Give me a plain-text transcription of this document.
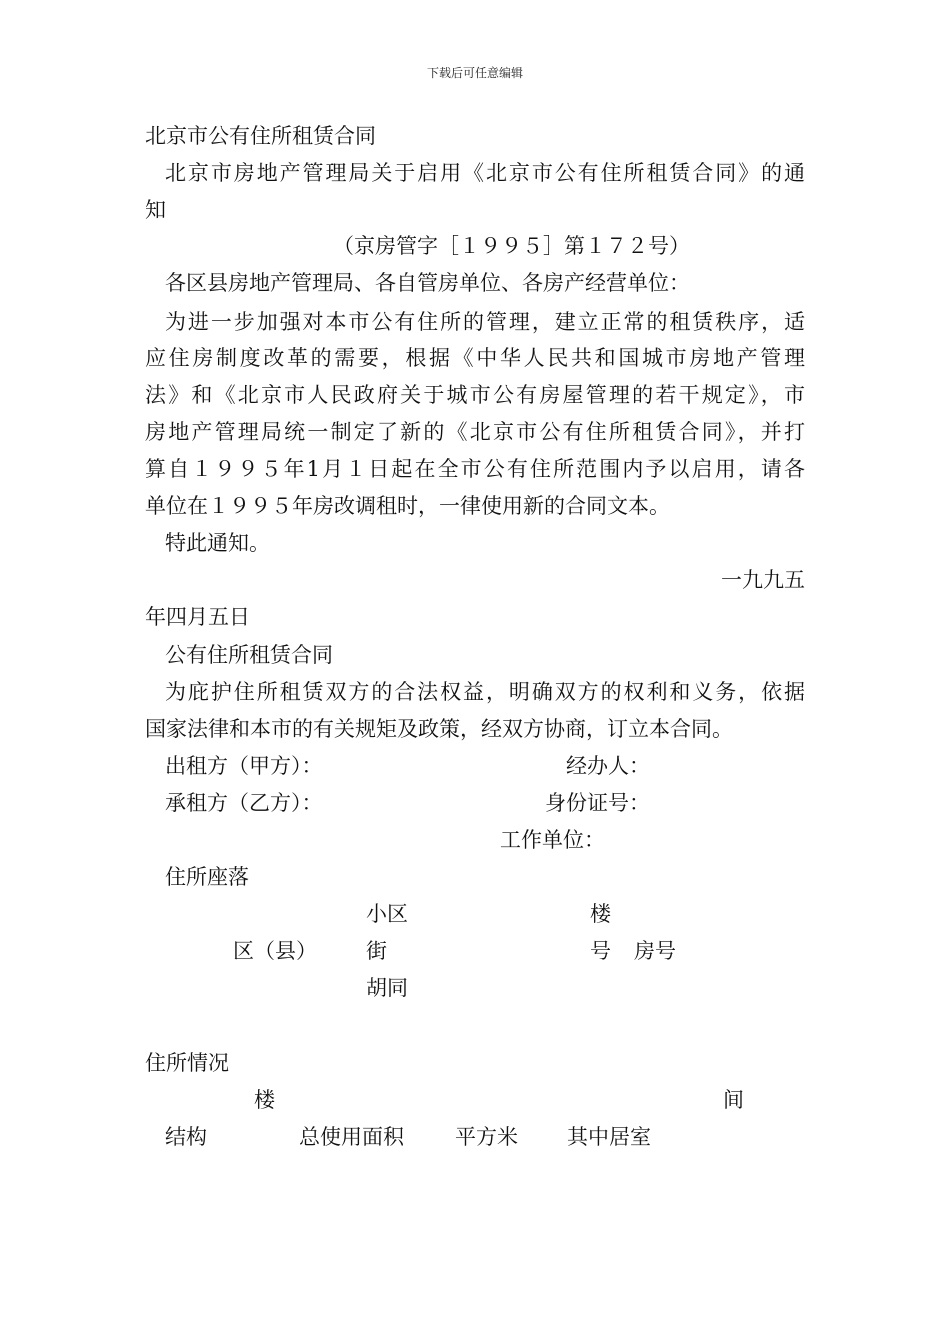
下载后可任意编辑
北京市公有住所租赁合同
北京市房地产管理局关于启用《北京市公有住所租赁合同》的通
知
（京房管字［１９９５］第１７２号）
各区县房地产管理局、各自管房单位、各房产经营单位：
为进一步加强对本市公有住所的管理，建立正常的租赁秩序，适
应住房制度改革的需要，根据《中华人民共和国城市房地产管理
法》和《北京市人民政府关于城市公有房屋管理的若干规定》，市
房地产管理局统一制定了新的《北京市公有住所租赁合同》，并打
算自１９９５年1月１日起在全市公有住所范围内予以启用，请各
单位在１９９５年房改调租时，一律使用新的合同文本。
特此通知。
一九九五
年四月五日
公有住所租赁合同
为庇护住所租赁双方的合法权益，明确双方的权利和义务，依据
国家法律和本市的有关规矩及政策，经双方协商，订立本合同。
出租方（甲方）：	经办人：
承租方（乙方）：	身份证号：
工作单位：
住所座落
小区	楼
区（县） 街	号 房号
胡同
住所情况
楼	间
结构	总使用面积 平方米 其中居室
